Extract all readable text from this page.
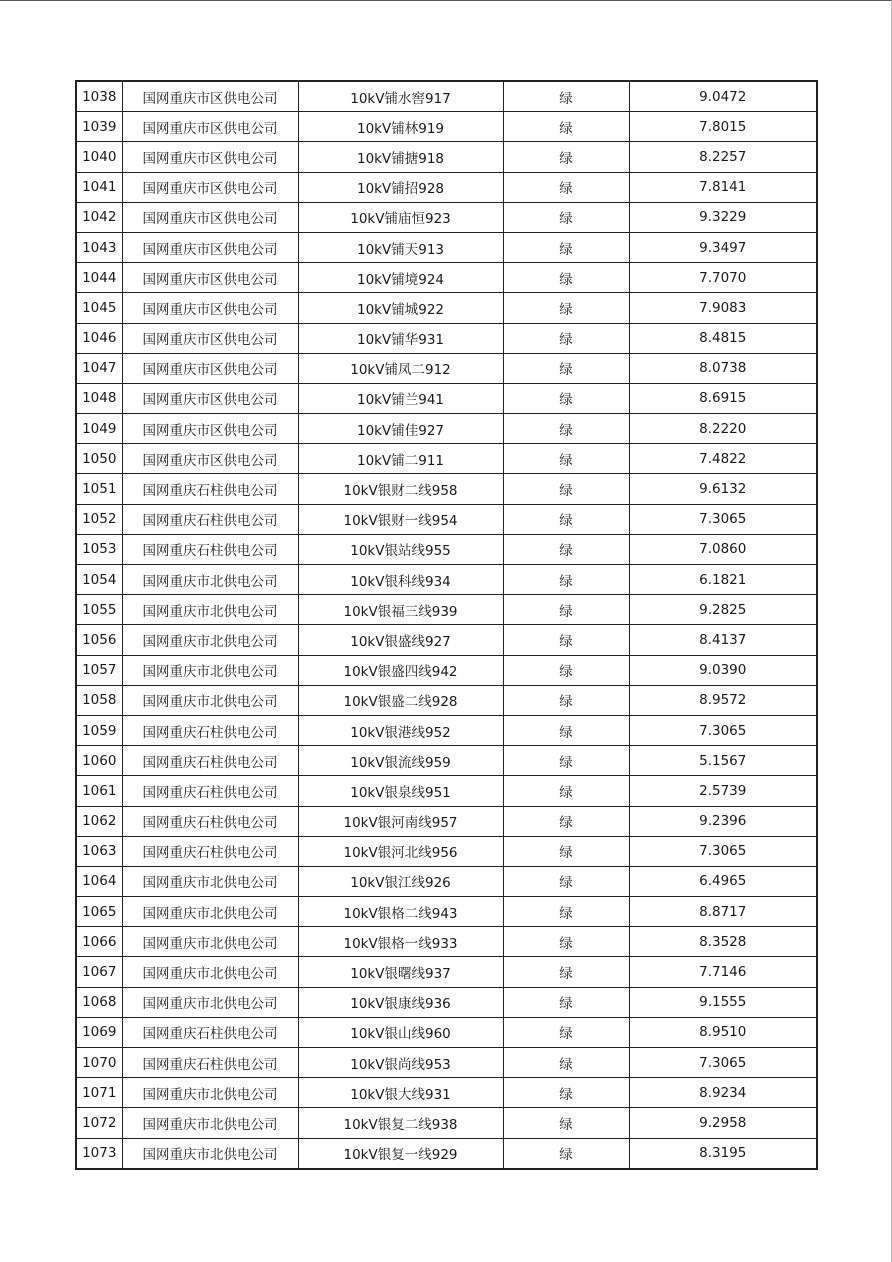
1038	国网重庆市区供电公司	10kV铺水窖917	绿	9.0472
1039	国网重庆市区供电公司	10kV铺林919	绿	7.8015
1040	国网重庆市区供电公司	10kV铺搪918	绿	8.2257
1041	国网重庆市区供电公司	10kV铺招928	绿	7.8141
1042	国网重庆市区供电公司	10kV铺庙恒923	绿	9.3229
1043	国网重庆市区供电公司	10kV铺天913	绿	9.3497
1044	国网重庆市区供电公司	10kV铺境924	绿	7.7070
1045	国网重庆市区供电公司	10kV铺城922	绿	7.9083
1046	国网重庆市区供电公司	10kV铺华931	绿	8.4815
1047	国网重庆市区供电公司	10kV铺凤二912	绿	8.0738
1048	国网重庆市区供电公司	10kV铺兰941	绿	8.6915
1049	国网重庆市区供电公司	10kV铺佳927	绿	8.2220
1050	国网重庆市区供电公司	10kV铺二911	绿	7.4822
1051	国网重庆石柱供电公司	10kV银财二线958	绿	9.6132
1052	国网重庆石柱供电公司	10kV银财一线954	绿	7.3065
1053	国网重庆石柱供电公司	10kV银站线955	绿	7.0860
1054	国网重庆市北供电公司	10kV银科线934	绿	6.1821
1055	国网重庆市北供电公司	10kV银福三线939	绿	9.2825
1056	国网重庆市北供电公司	10kV银盛线927	绿	8.4137
1057	国网重庆市北供电公司	10kV银盛四线942	绿	9.0390
1058	国网重庆市北供电公司	10kV银盛二线928	绿	8.9572
1059	国网重庆石柱供电公司	10kV银港线952	绿	7.3065
1060	国网重庆石柱供电公司	10kV银流线959	绿	5.1567
1061	国网重庆石柱供电公司	10kV银泉线951	绿	2.5739
1062	国网重庆石柱供电公司	10kV银河南线957	绿	9.2396
1063	国网重庆石柱供电公司	10kV银河北线956	绿	7.3065
1064	国网重庆市北供电公司	10kV银江线926	绿	6.4965
1065	国网重庆市北供电公司	10kV银格二线943	绿	8.8717
1066	国网重庆市北供电公司	10kV银格一线933	绿	8.3528
1067	国网重庆市北供电公司	10kV银曙线937	绿	7.7146
1068	国网重庆市北供电公司	10kV银康线936	绿	9.1555
1069	国网重庆石柱供电公司	10kV银山线960	绿	8.9510
1070	国网重庆石柱供电公司	10kV银尚线953	绿	7.3065
1071	国网重庆市北供电公司	10kV银大线931	绿	8.9234
1072	国网重庆市北供电公司	10kV银复二线938	绿	9.2958
1073	国网重庆市北供电公司	10kV银复一线929	绿	8.3195
